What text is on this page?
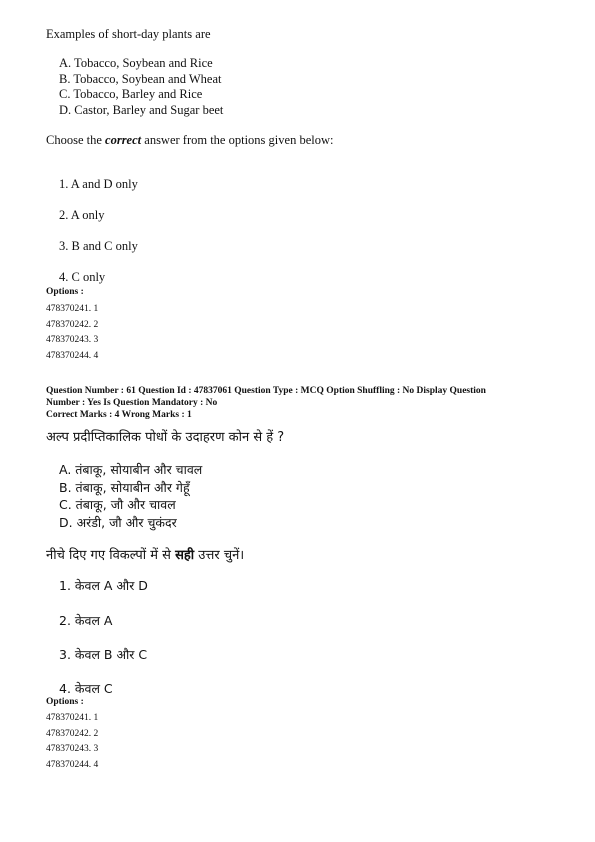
Examples of short-day plants are
A. Tobacco, Soybean and Rice
B. Tobacco, Soybean and Wheat
C. Tobacco, Barley and Rice
D. Castor, Barley and Sugar beet
Choose the correct answer from the options given below:
1. A and D only
2. A only
3. B and C only
4. C only
Options :
478370241. 1
478370242. 2
478370243. 3
478370244. 4
Question Number : 61 Question Id : 47837061 Question Type : MCQ Option Shuffling : No Display Question
Number : Yes Is Question Mandatory : No
Correct Marks : 4 Wrong Marks : 1
अल्प प्रदीप्तिकालिक पोधों के उदाहरण कोन से हें ?
A. तंबाकू, सोयाबीन और चावल
B. तंबाकू, सोयाबीन और गेहूँ
C. तंबाकू, जौ और चावल
D. अरंडी, जौ और चुकंदर
नीचे दिए गए विकल्पों में से सही उत्तर चुनें।
1. केवल A और D
2. केवल A
3. केवल B और C
4. केवल C
Options :
478370241. 1
478370242. 2
478370243. 3
478370244. 4
